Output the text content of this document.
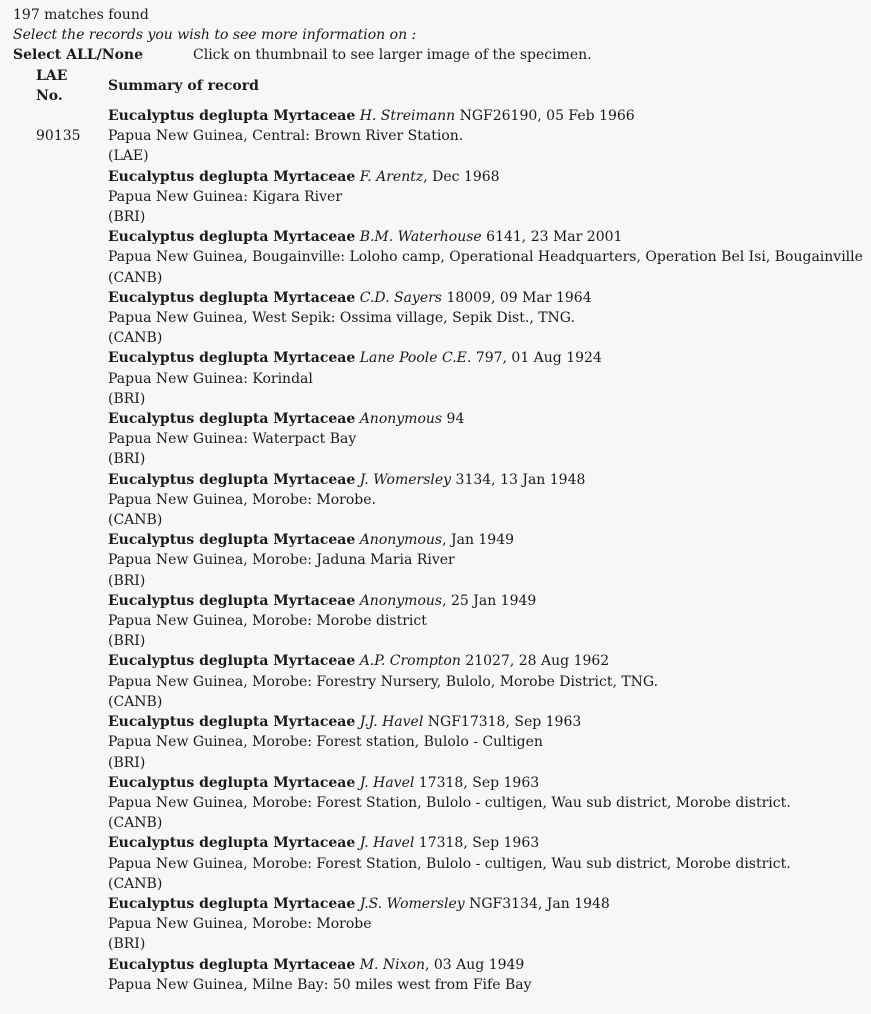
197 matches found
Select the records you wish to see more information on :
Select ALL/None	Click on thumbnail to see larger image of the specimen.
LAE No.
Summary of record
90135
Eucalyptus deglupta Myrtaceae H. Streimann NGF26190, 05 Feb 1966
Papua New Guinea, Central: Brown River Station.
(LAE)
Eucalyptus deglupta Myrtaceae F. Arentz, Dec 1968
Papua New Guinea: Kigara River
(BRI)
Eucalyptus deglupta Myrtaceae B.M. Waterhouse 6141, 23 Mar 2001
Papua New Guinea, Bougainville: Loloho camp, Operational Headquarters, Operation Bel Isi, Bougainville
(CANB)
Eucalyptus deglupta Myrtaceae C.D. Sayers 18009, 09 Mar 1964
Papua New Guinea, West Sepik: Ossima village, Sepik Dist., TNG.
(CANB)
Eucalyptus deglupta Myrtaceae Lane Poole C.E. 797, 01 Aug 1924
Papua New Guinea: Korindal
(BRI)
Eucalyptus deglupta Myrtaceae Anonymous 94
Papua New Guinea: Waterpact Bay
(BRI)
Eucalyptus deglupta Myrtaceae J. Womersley 3134, 13 Jan 1948
Papua New Guinea, Morobe: Morobe.
(CANB)
Eucalyptus deglupta Myrtaceae Anonymous, Jan 1949
Papua New Guinea, Morobe: Jaduna Maria River
(BRI)
Eucalyptus deglupta Myrtaceae Anonymous, 25 Jan 1949
Papua New Guinea, Morobe: Morobe district
(BRI)
Eucalyptus deglupta Myrtaceae A.P. Crompton 21027, 28 Aug 1962
Papua New Guinea, Morobe: Forestry Nursery, Bulolo, Morobe District, TNG.
(CANB)
Eucalyptus deglupta Myrtaceae J.J. Havel NGF17318, Sep 1963
Papua New Guinea, Morobe: Forest station, Bulolo - Cultigen
(BRI)
Eucalyptus deglupta Myrtaceae J. Havel 17318, Sep 1963
Papua New Guinea, Morobe: Forest Station, Bulolo - cultigen, Wau sub district, Morobe district.
(CANB)
Eucalyptus deglupta Myrtaceae J. Havel 17318, Sep 1963
Papua New Guinea, Morobe: Forest Station, Bulolo - cultigen, Wau sub district, Morobe district.
(CANB)
Eucalyptus deglupta Myrtaceae J.S. Womersley NGF3134, Jan 1948
Papua New Guinea, Morobe: Morobe
(BRI)
Eucalyptus deglupta Myrtaceae M. Nixon, 03 Aug 1949
Papua New Guinea, Milne Bay: 50 miles west from Fife Bay
